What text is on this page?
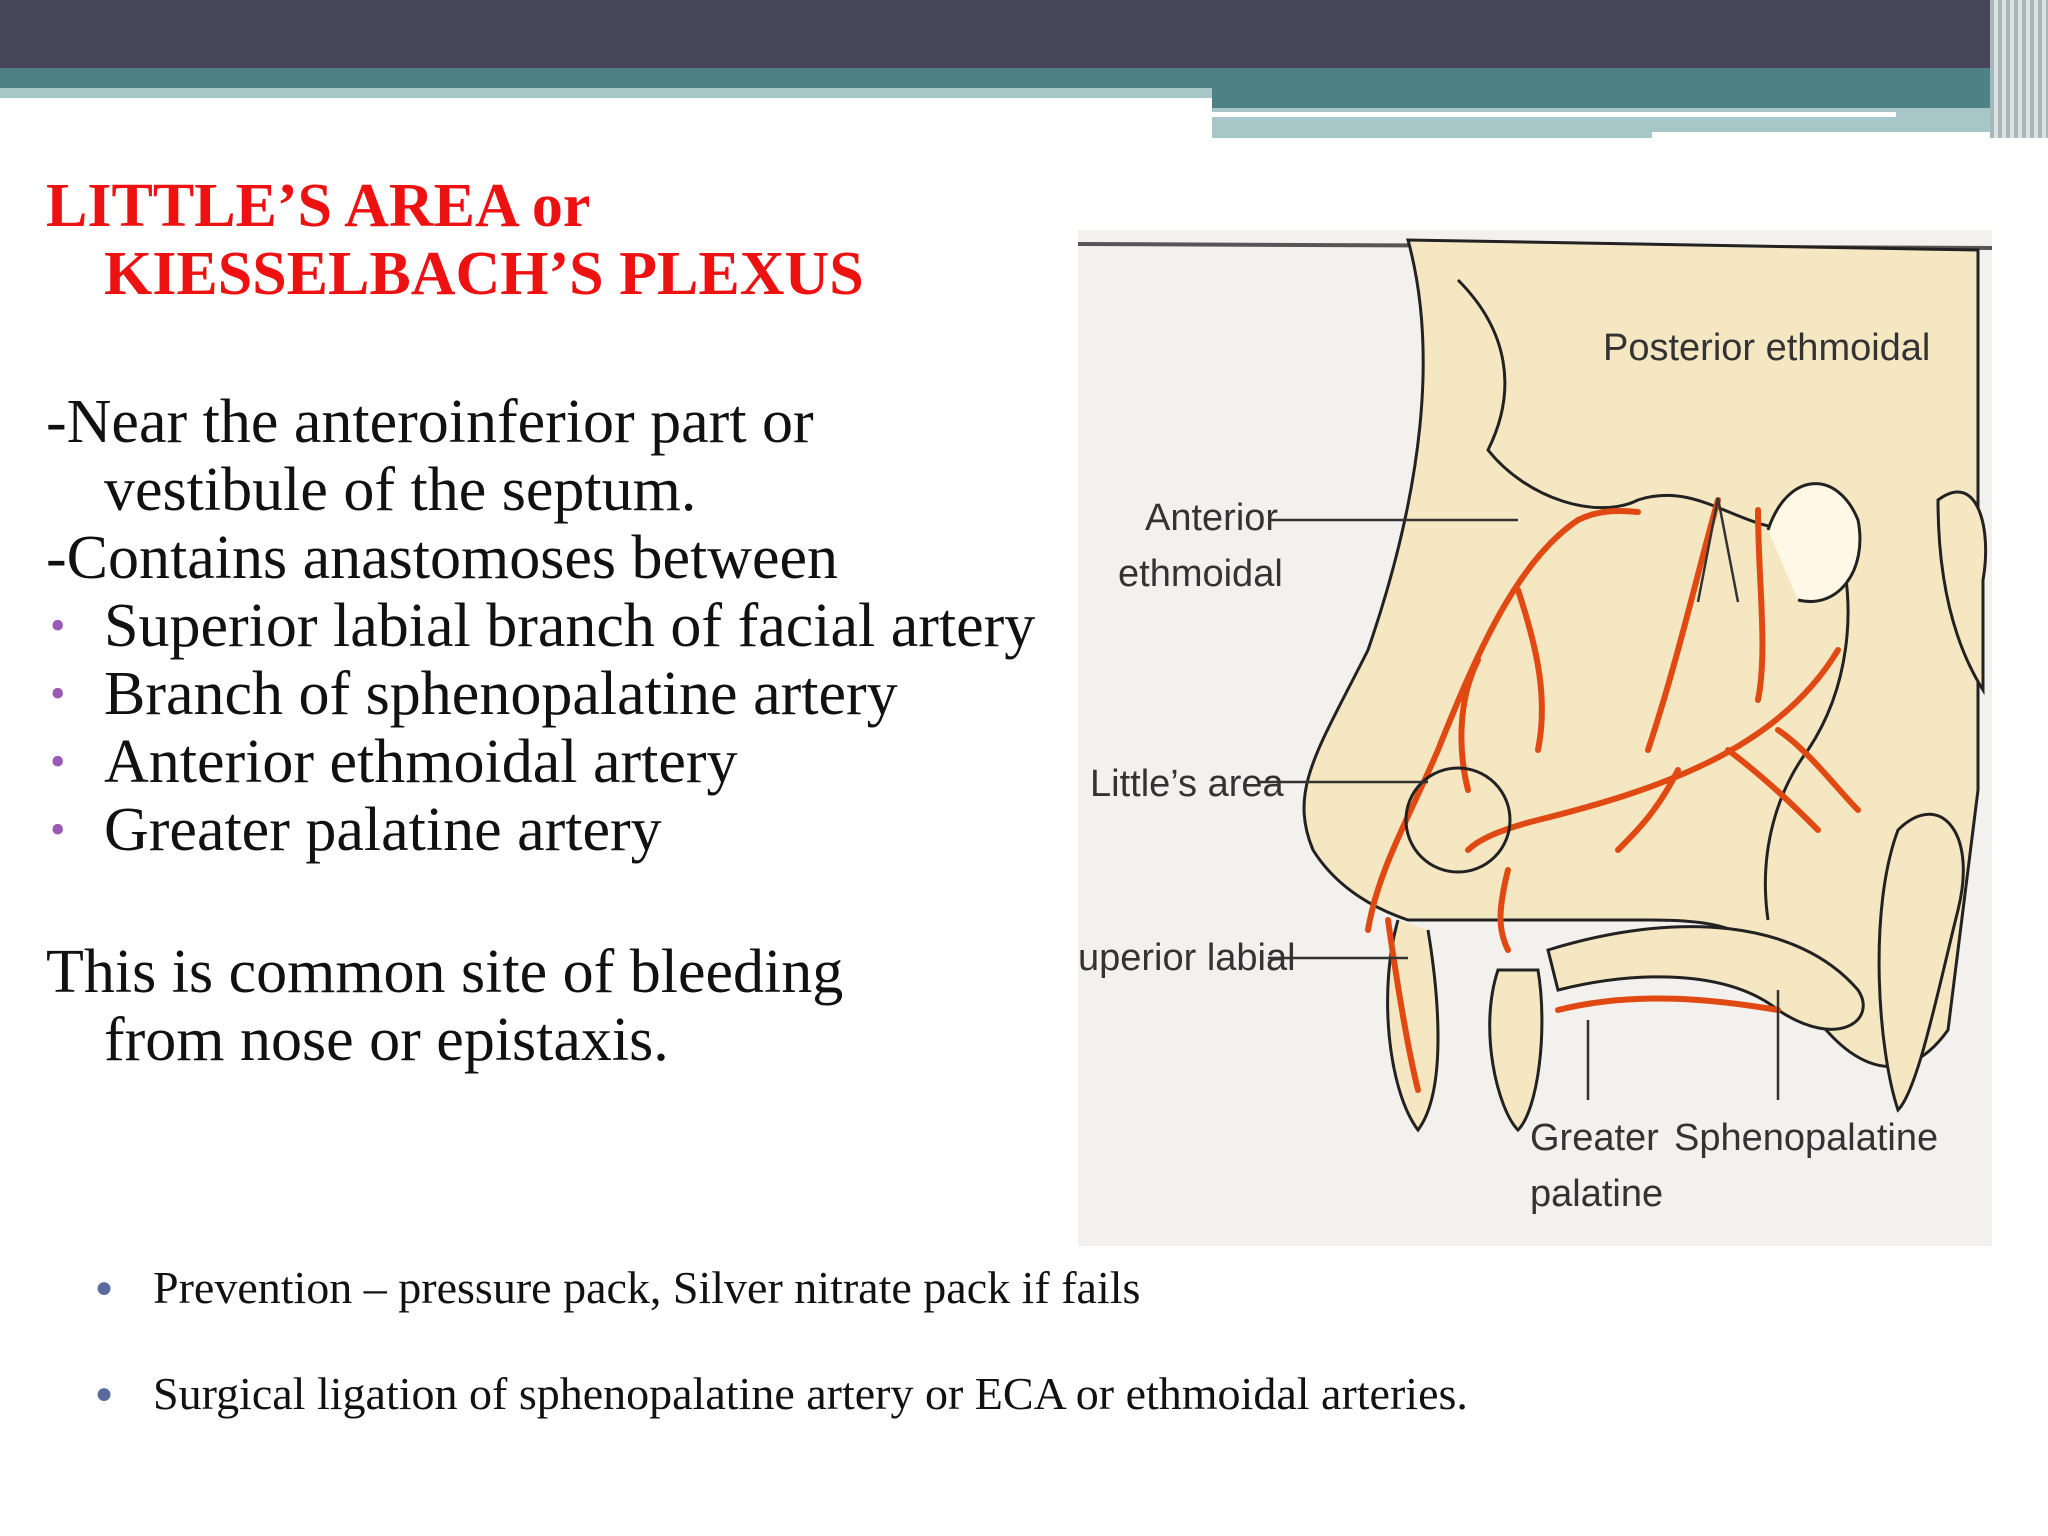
LITTLE’S AREA or
KIESSELBACH’S PLEXUS

-Near the anteroinferior part or

vestibule of the septum.

-Contains anastomoses between

• Superior labial branch of facial artery
• Branch of sphenopalatine artery
• Anterior ethmoidal artery
• Greater palatine artery

This is common site of bleeding

from nose or epistaxis.

● Prevention – pressure pack, Silver nitrate pack if fails
● Surgical ligation of sphenopalatine artery or ECA or ethmoidal arteries.
Posterior ethmoidal
Anterior
ethmoidal
Little’s area
uperior labial
Greater
palatine
Sphenopalatine
